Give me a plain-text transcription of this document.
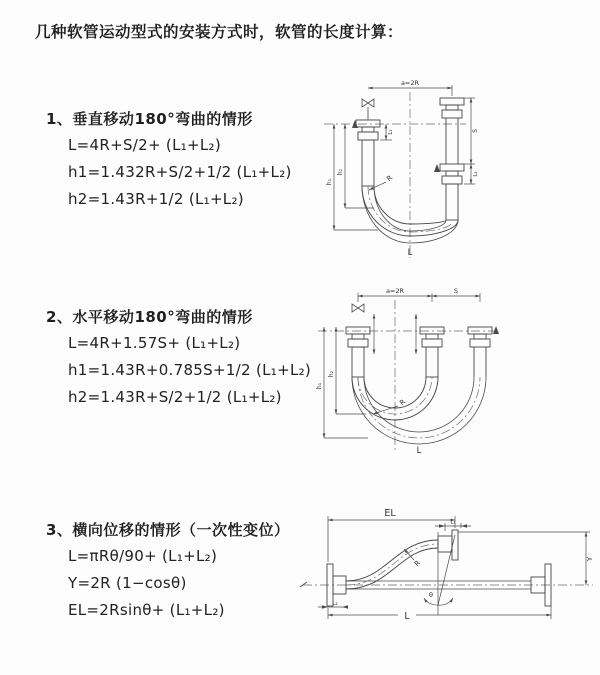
几种软管运动型式的安装方式时，软管的长度计算：
1、垂直移动180°弯曲的情形
L=4R+S/2+ (L₁+L₂)
h1=1.432R+S/2+1/2 (L₁+L₂)
h2=1.43R+1/2 (L₁+L₂)
2、水平移动180°弯曲的情形
L=4R+1.57S+ (L₁+L₂)
h1=1.43R+0.785S+1/2 (L₁+L₂)
h2=1.43R+S/2+1/2 (L₁+L₂)
3、横向位移的情形（一次性变位）
L=πRθ/90+ (L₁+L₂)
Y=2R (1−cosθ)
EL=2Rsinθ+ (L₁+L₂)
a=2R
h₁
h₂
L₁	S
L₂
R
L
a=2R	S
h₁
h₂
R
L
EL
L₁
Y
R
θ
L
L₂
